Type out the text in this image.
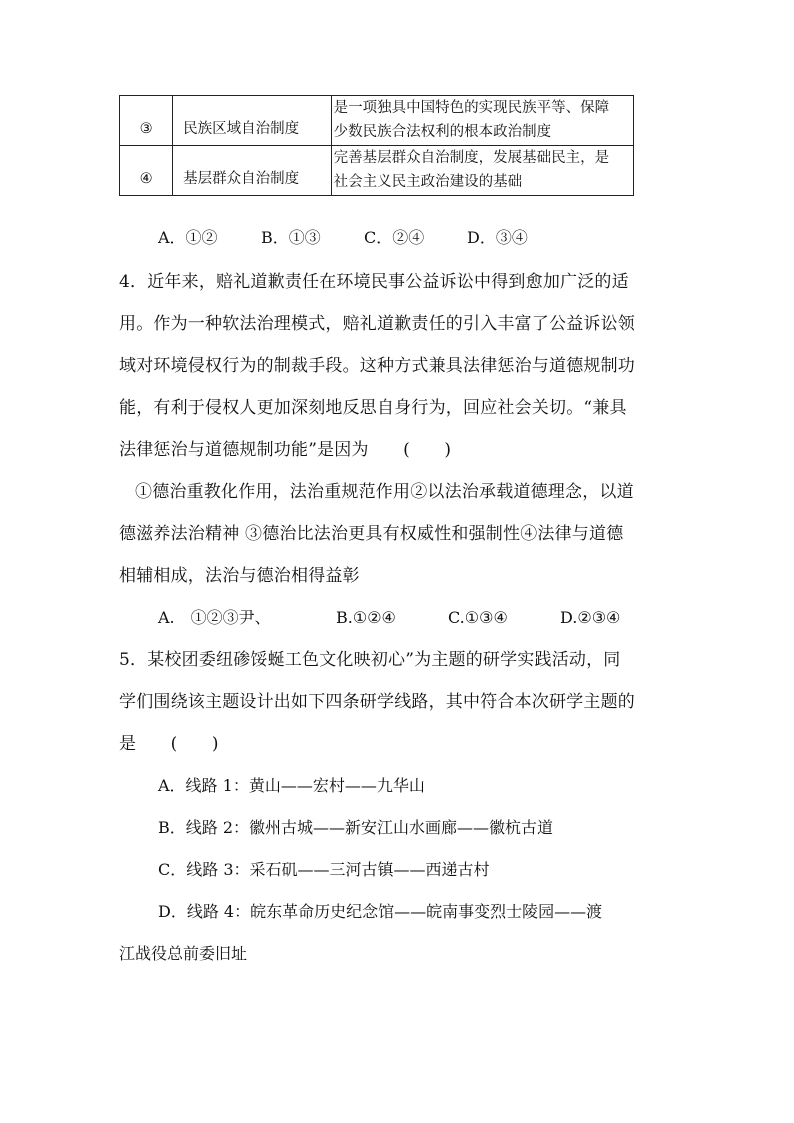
③	民族区域自治制度	是一项独具中国特色的实现民族平等、保障
少数民族合法权利的根本政治制度

④	基层群众自治制度	完善基层群众自治制度，发展基础民主，是
社会主义民主政治建设的基础
A．①②	B．①③	C．②④	D．③④
4．近年来，赔礼道歉责任在环境民事公益诉讼中得到愈加广泛的适
用。作为一种软法治理模式，赔礼道歉责任的引入丰富了公益诉讼领
域对环境侵权行为的制裁手段。这种方式兼具法律惩治与道德规制功
能，有利于侵权人更加深刻地反思自身行为，回应社会关切。“兼具
法律惩治与道德规制功能”是因为　　(　　)
①德治重教化作用，法治重规范作用②以法治承载道德理念，以道
德滋养法治精神 ③德治比法治更具有权威性和强制性④法律与道德
相辅相成，法治与德治相得益彰
A.　①②③尹、	B.①②④	C.①③④	D.②③④
5．某校团委纽碜馁蜒工色文化映初心”为主题的研学实践活动，同
学们围绕该主题设计出如下四条研学线路，其中符合本次研学主题的
是　　(　　)
A．线路 1：黄山——宏村——九华山
B．线路 2：徽州古城——新安江山水画廊——徽杭古道
C．线路 3：采石矶——三河古镇——西递古村
D．线路 4：皖东革命历史纪念馆——皖南事变烈士陵园——渡
江战役总前委旧址
